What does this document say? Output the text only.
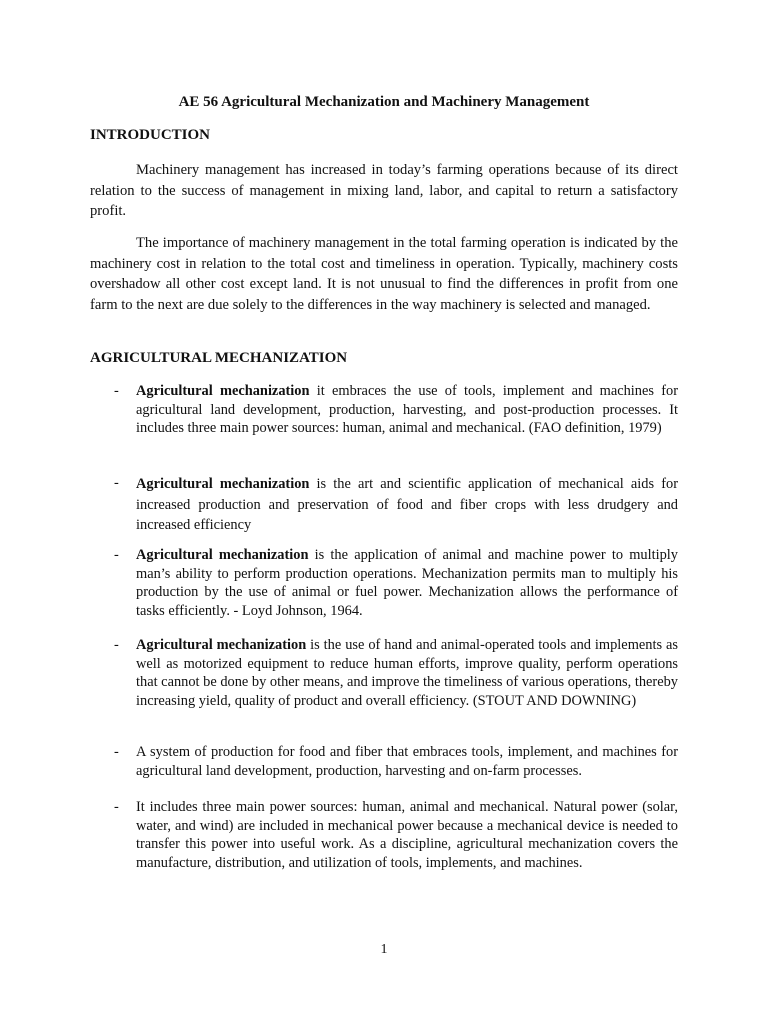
AE 56 Agricultural Mechanization and Machinery Management
INTRODUCTION

Machinery management has increased in today’s farming operations because of its direct relation to the success of management in mixing land, labor, and capital to return a satisfactory profit.

The importance of machinery management in the total farming operation is indicated by the machinery cost in relation to the total cost and timeliness in operation. Typically, machinery costs overshadow all other cost except land. It is not unusual to find the differences in profit from one farm to the next are due solely to the differences in the way machinery is selected and managed.

AGRICULTURAL MECHANIZATION
- Agricultural mechanization it embraces the use of tools, implement and machines for agricultural land development, production, harvesting, and post-production processes. It includes three main power sources: human, animal and mechanical. (FAO definition, 1979)

- Agricultural mechanization is the art and scientific application of mechanical aids for increased production and preservation of food and fiber crops with less drudgery and increased efficiency

- Agricultural mechanization is the application of animal and machine power to multiply man’s ability to perform production operations. Mechanization permits man to multiply his production by the use of animal or fuel power. Mechanization allows the performance of tasks efficiently. - Loyd Johnson, 1964.

- Agricultural mechanization is the use of hand and animal-operated tools and implements as well as motorized equipment to reduce human efforts, improve quality, perform operations that cannot be done by other means, and improve the timeliness of various operations, thereby increasing yield, quality of product and overall efficiency. (STOUT AND DOWNING)

- A system of production for food and fiber that embraces tools, implement, and machines for agricultural land development, production, harvesting and on-farm processes.

- It includes three main power sources: human, animal and mechanical. Natural power (solar, water, and wind) are included in mechanical power because a mechanical device is needed to transfer this power into useful work. As a discipline, agricultural mechanization covers the manufacture, distribution, and utilization of tools, implements, and machines.

1
